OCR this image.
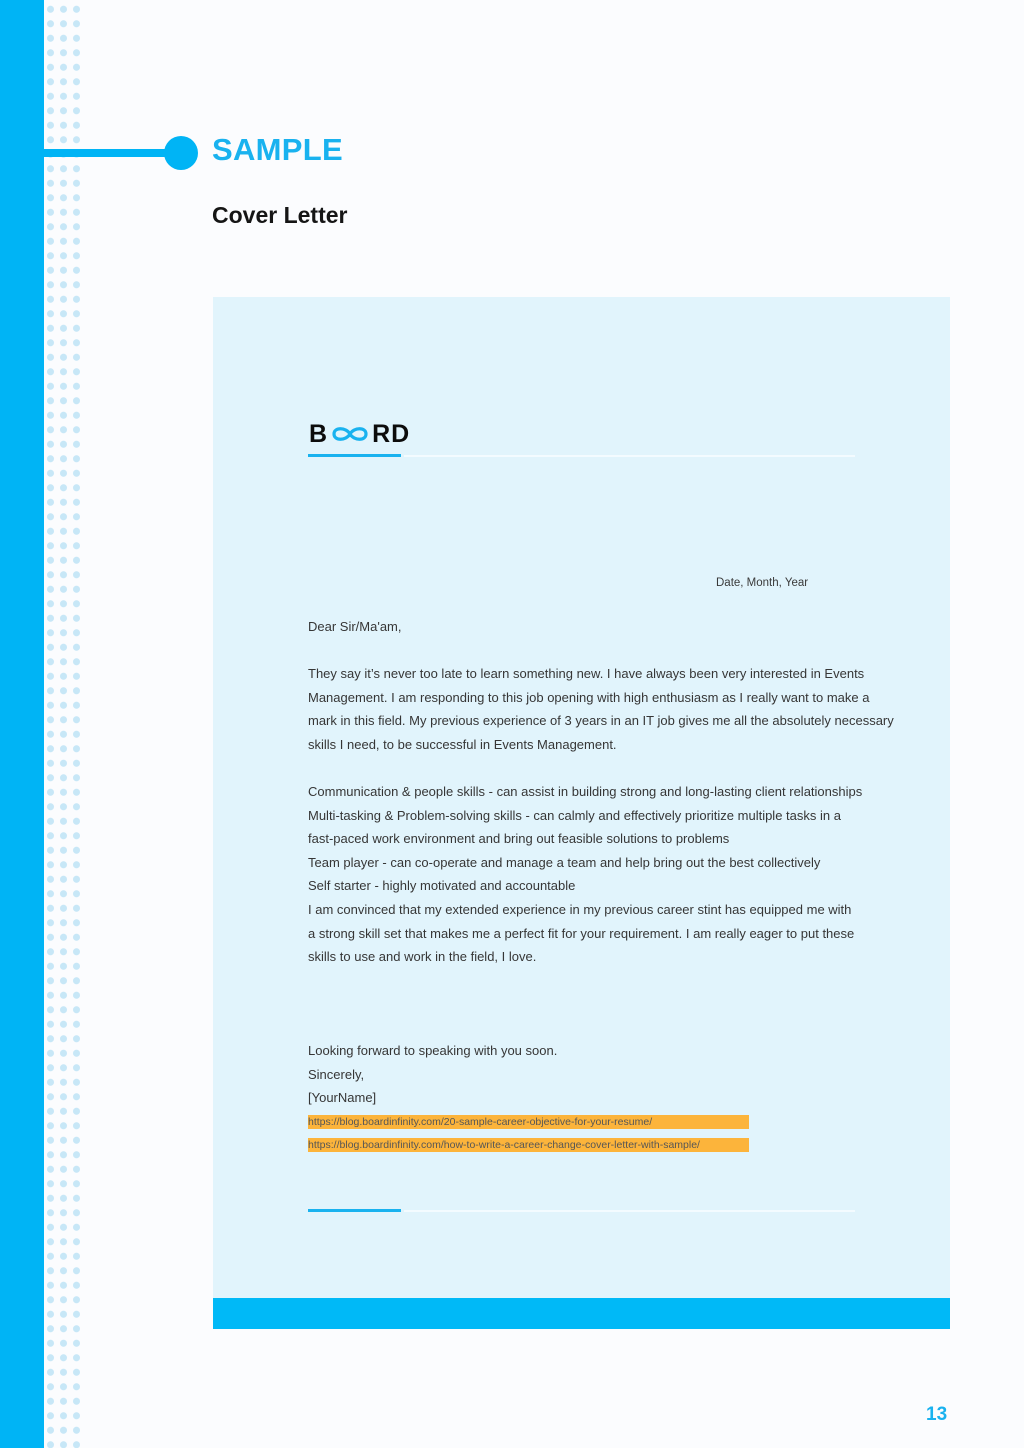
SAMPLE
Cover Letter
B RD
Date, Month, Year

Dear Sir/Ma'am,

They say it’s never too late to learn something new. I have always been very interested in Events

Management. I am responding to this job opening with high enthusiasm as I really want to make a

mark in this field. My previous experience of 3 years in an IT job gives me all the absolutely necessary

skills I need, to be successful in Events Management.

Communication & people skills - can assist in building strong and long-lasting client relationships

Multi-tasking & Problem-solving skills - can calmly and effectively prioritize multiple tasks in a

fast-paced work environment and bring out feasible solutions to problems

Team player - can co-operate and manage a team and help bring out the best collectively

Self starter - highly motivated and accountable

I am convinced that my extended experience in my previous career stint has equipped me with

a strong skill set that makes me a perfect fit for your requirement. I am really eager to put these

skills to use and work in the field, I love.

Looking forward to speaking with you soon.

Sincerely,

[YourName]

https://blog.boardinfinity.com/20-sample-career-objective-for-your-resume/
https://blog.boardinfinity.com/how-to-write-a-career-change-cover-letter-with-sample/
13
